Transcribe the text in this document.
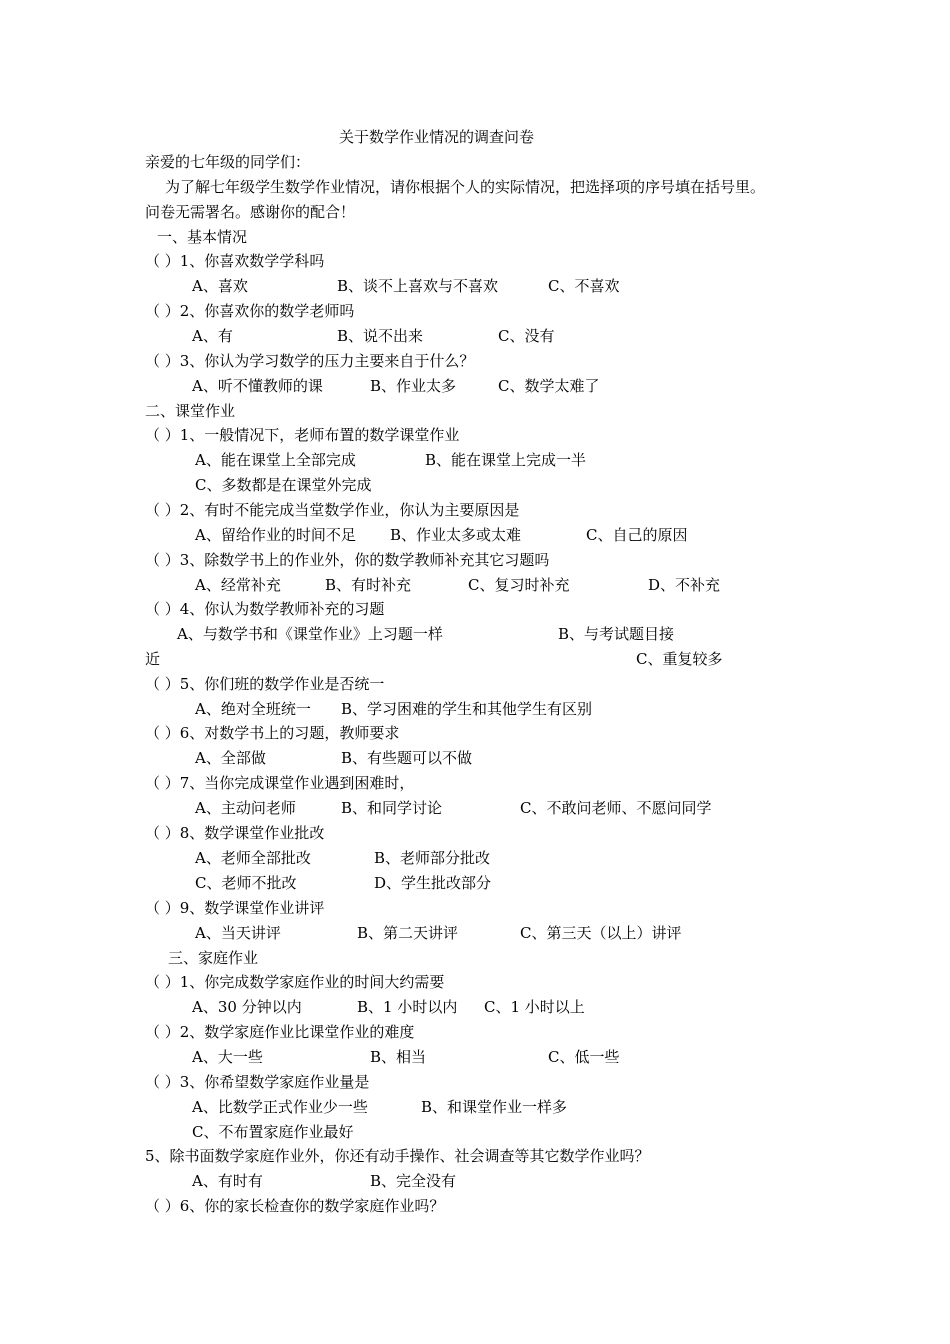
关于数学作业情况的调查问卷
亲爱的七年级的同学们：
为了解七年级学生数学作业情况，请你根据个人的实际情况，把选择项的序号填在括号里。
问卷无需署名。感谢你的配合！
一、基本情况
（ ）1、你喜欢数学学科吗
A、喜欢	B、谈不上喜欢与不喜欢	C、不喜欢
（ ）2、你喜欢你的数学老师吗
A、有	B、说不出来	C、没有
（ ）3、你认为学习数学的压力主要来自于什么？
A、听不懂教师的课	B、作业太多	C、数学太难了
二、课堂作业
（ ）1、一般情况下，老师布置的数学课堂作业
A、能在课堂上全部完成	B、能在课堂上完成一半
C、多数都是在课堂外完成
（ ）2、有时不能完成当堂数学作业，你认为主要原因是
A、留给作业的时间不足 B、作业太多或太难	C、自己的原因
（ ）3、除数学书上的作业外，你的数学教师补充其它习题吗
A、经常补充	B、有时补充	C、复习时补充	D、不补充
（ ）4、你认为数学教师补充的习题
A、与数学书和《课堂作业》上习题一样	B、与考试题目接
近	C、重复较多
（ ）5、你们班的数学作业是否统一
A、绝对全班统一 B、学习困难的学生和其他学生有区别
（ ）6、对数学书上的习题，教师要求
A、全部做	B、有些题可以不做
（ ）7、当你完成课堂作业遇到困难时，
A、主动问老师	B、和同学讨论	C、不敢问老师、不愿问同学
（ ）8、数学课堂作业批改
A、老师全部批改	B、老师部分批改
C、老师不批改	D、学生批改部分
（ ）9、数学课堂作业讲评
A、当天讲评	B、第二天讲评	C、第三天（以上）讲评
三、家庭作业
（ ）1、你完成数学家庭作业的时间大约需要
A、30 分钟以内	B、1 小时以内 C、1 小时以上
（ ）2、数学家庭作业比课堂作业的难度
A、大一些	B、相当	C、低一些
（ ）3、你希望数学家庭作业量是
A、比数学正式作业少一些	B、和课堂作业一样多
C、不布置家庭作业最好
5、除书面数学家庭作业外，你还有动手操作、社会调查等其它数学作业吗？
A、有时有	B、完全没有
（ ）6、你的家长检查你的数学家庭作业吗？
